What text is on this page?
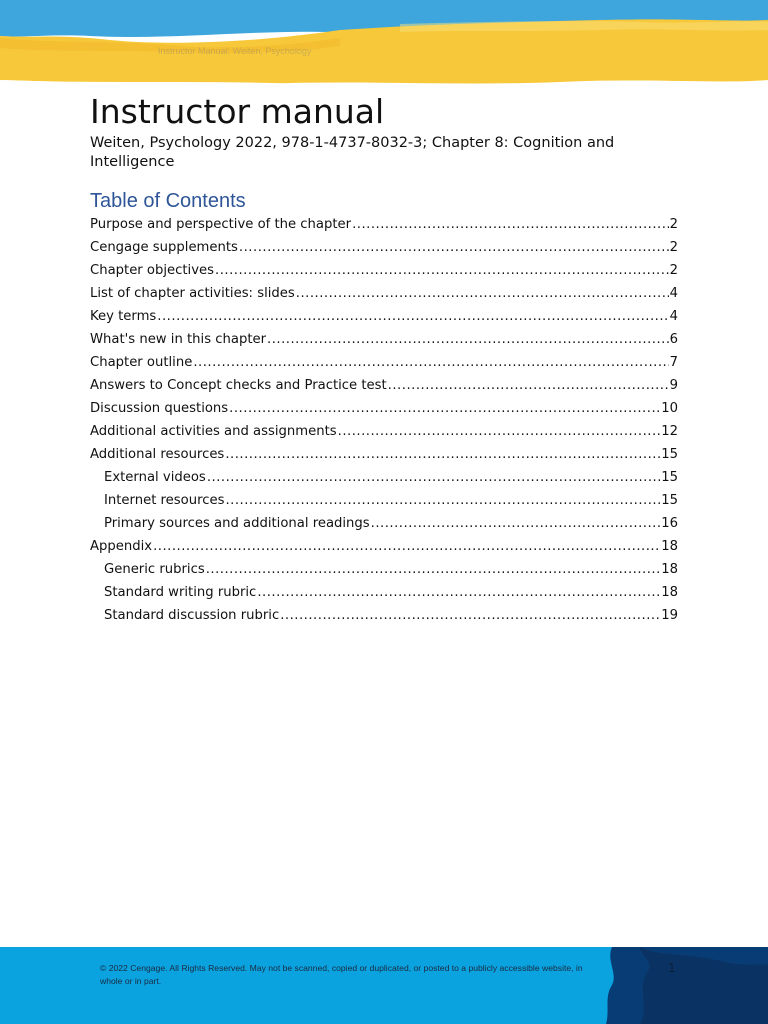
Instructor Manual: Weiten, Psychology
Instructor manual

Weiten, Psychology 2022, 978-1-4737-8032-3; Chapter 8: Cognition and Intelligence

Table of Contents
Purpose and perspective of the chapter .....	2
Cengage supplements .....	2
Chapter objectives .....	2
List of chapter activities: slides .....	4
Key terms .....	4
What's new in this chapter .....	6
Chapter outline .....	7
Answers to Concept checks and Practice test .....	9
Discussion questions .....	10
Additional activities and assignments .....	12
Additional resources .....	15
External videos .....	15
Internet resources .....	15
Primary sources and additional readings .....	16
Appendix .....	18
Generic rubrics .....	18
Standard writing rubric .....	18
Standard discussion rubric .....	19
© 2022 Cengage. All Rights Reserved. May not be scanned, copied or duplicated, or posted to a publicly accessible website, in whole or in part.
1
